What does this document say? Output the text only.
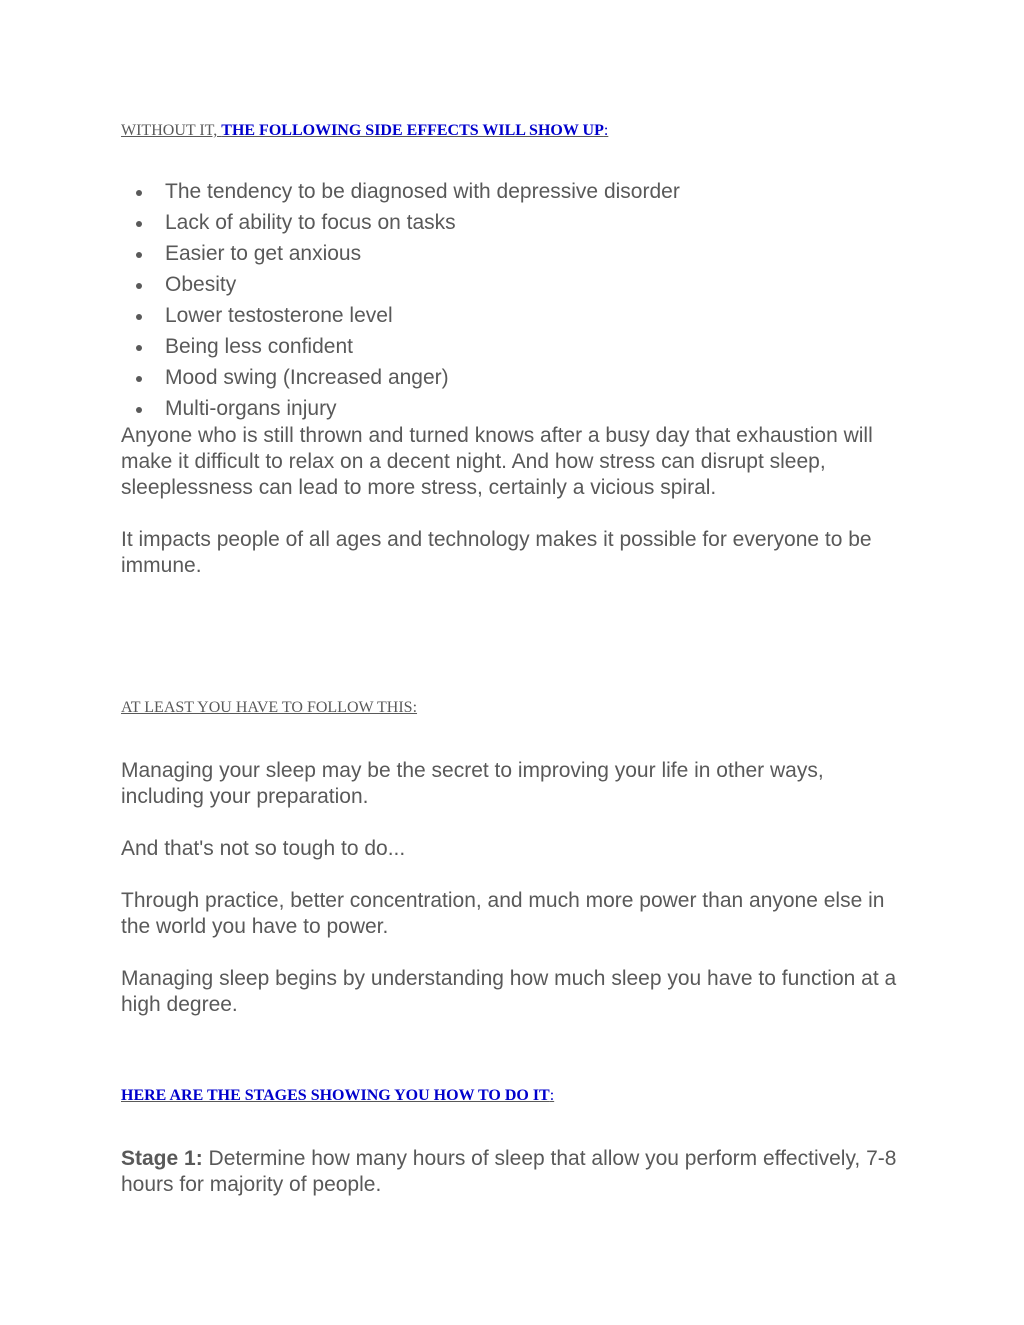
WITHOUT IT, THE FOLLOWING SIDE EFFECTS WILL SHOW UP:
The tendency to be diagnosed with depressive disorder
Lack of ability to focus on tasks
Easier to get anxious
Obesity
Lower testosterone level
Being less confident
Mood swing (Increased anger)
Multi-organs injury

Anyone who is still thrown and turned knows after a busy day that exhaustion will make it difficult to relax on a decent night. And how stress can disrupt sleep, sleeplessness can lead to more stress, certainly a vicious spiral.

It impacts people of all ages and technology makes it possible for everyone to be immune.

AT LEAST YOU HAVE TO FOLLOW THIS:

Managing your sleep may be the secret to improving your life in other ways, including your preparation.

And that's not so tough to do...

Through practice, better concentration, and much more power than anyone else in the world you have to power.

Managing sleep begins by understanding how much sleep you have to function at a high degree.

HERE ARE THE STAGES SHOWING YOU HOW TO DO IT:

Stage 1: Determine how many hours of sleep that allow you perform effectively, 7-8 hours for majority of people.
